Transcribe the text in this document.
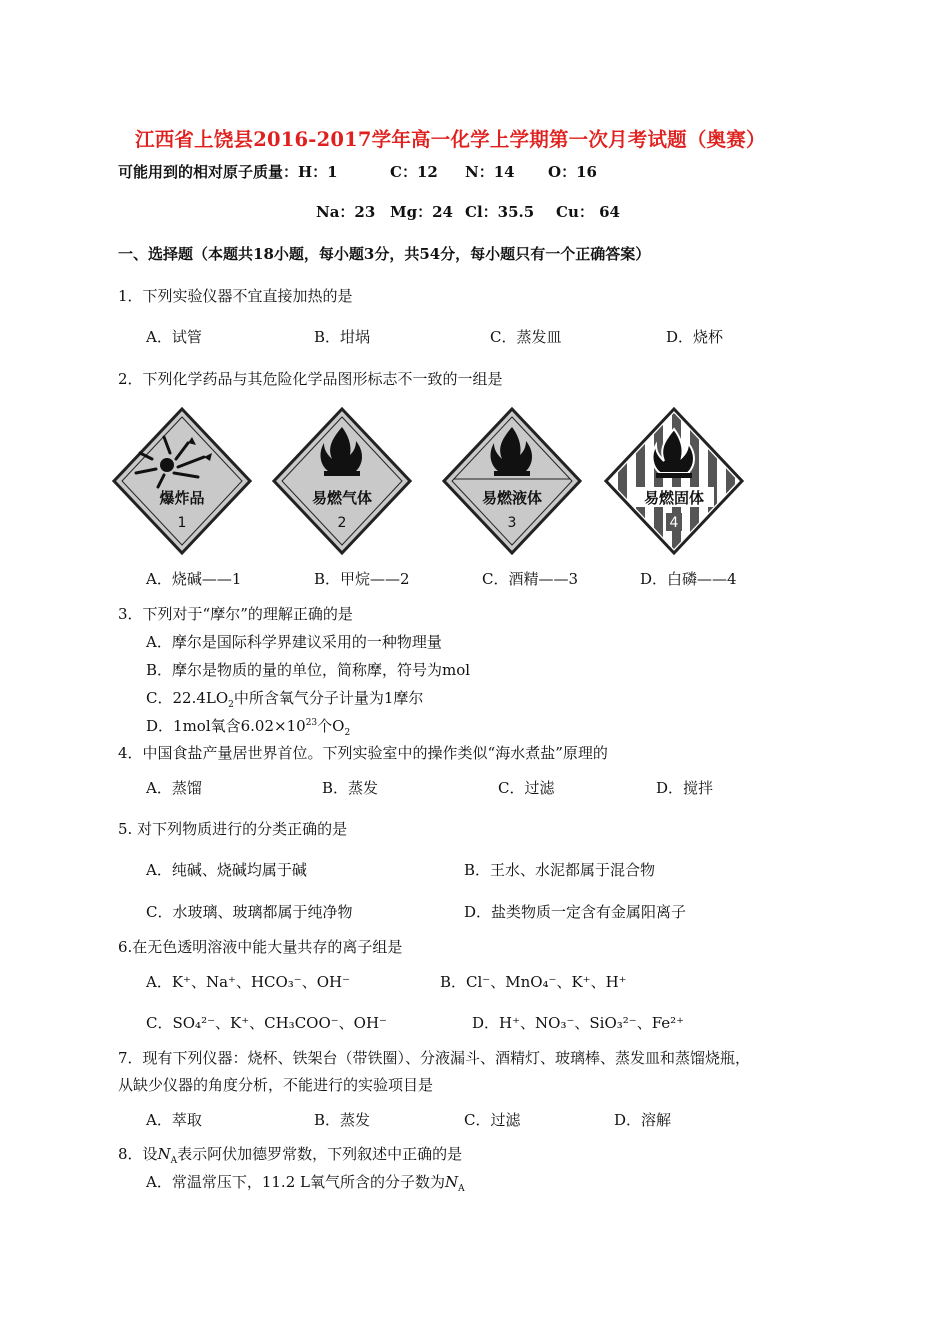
江西省上饶县2016-2017学年高一化学上学期第一次月考试题（奥赛）
可能用到的相对原子质量： H：1	C：12 N：14 O：16
Na：23 Mg：24 Cl：35.5 Cu： 64
一、选择题（本题共18小题，每小题3分，共54分，每小题只有一个正确答案）
1．下列实验仪器不宜直接加热的是
A．试管	B．坩埚	C．蒸发皿	D．烧杯
2．下列化学药品与其危险化学品图形标志不一致的一组是
爆炸品
1
易燃气体
2
易燃液体
3
易燃固体
4
A．烧碱——1	B．甲烷——2	C．酒精——3	D．白磷——4
3．下列对于“摩尔”的理解正确的是
A．摩尔是国际科学界建议采用的一种物理量
B．摩尔是物质的量的单位，简称摩，符号为mol
C．$22.4LO_2$中所含氧气分子计量为1摩尔
D．1mol氧含$6.02\times 10^{23}$个$O_2$
4．中国食盐产量居世界首位。下列实验室中的操作类似“海水煮盐”原理的
A．蒸馏	B．蒸发	C．过滤	D．搅拌
5. 对下列物质进行的分类正确的是
A．纯碱、烧碱均属于碱	B．王水、水泥都属于混合物
C．水玻璃、玻璃都属于纯净物	D．盐类物质一定含有金属阳离子
6.在无色透明溶液中能大量共存的离子组是
A．K⁺、Na⁺、HCO₃⁻、OH⁻	B．Cl⁻、MnO₄⁻、K⁺、H⁺
C．SO₄²⁻、K⁺、CH₃COO⁻、OH⁻	D．H⁺、NO₃⁻、SiO₃²⁻、Fe²⁺
7．现有下列仪器：烧杯、铁架台（带铁圈）、分液漏斗、酒精灯、玻璃棒、蒸发皿和蒸馏烧瓶，
从缺少仪器的角度分析，不能进行的实验项目是
A．萃取	B．蒸发	C．过滤	D．溶解
8．设$N_A$表示阿伏加德罗常数，下列叙述中正确的是
A．常温常压下，11.2 L氧气所含的分子数为$N_A$
